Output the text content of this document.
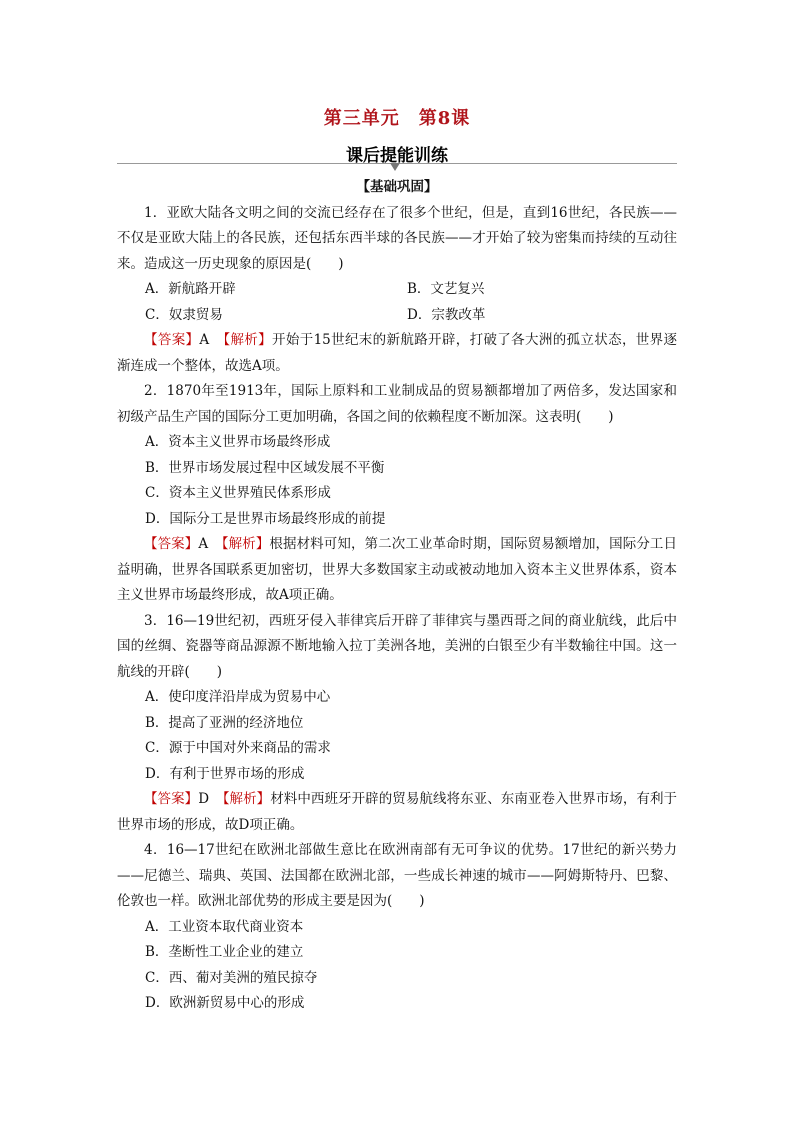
第三单元　第8课
课后提能训练
【基础巩固】

1．亚欧大陆各文明之间的交流已经存在了很多个世纪，但是，直到16世纪，各民族——不仅是亚欧大陆上的各民族，还包括东西半球的各民族——才开始了较为密集而持续的互动往来。造成这一历史现象的原因是(　　)

A．新航路开辟	B．文艺复兴
C．奴隶贸易	D．宗教改革

【答案】A　【解析】开始于15世纪末的新航路开辟，打破了各大洲的孤立状态，世界逐渐连成一个整体，故选A项。

2．1870年至1913年，国际上原料和工业制成品的贸易额都增加了两倍多，发达国家和初级产品生产国的国际分工更加明确，各国之间的依赖程度不断加深。这表明(　　)

A．资本主义世界市场最终形成

B．世界市场发展过程中区域发展不平衡

C．资本主义世界殖民体系形成

D．国际分工是世界市场最终形成的前提

【答案】A　【解析】根据材料可知，第二次工业革命时期，国际贸易额增加，国际分工日益明确，世界各国联系更加密切，世界大多数国家主动或被动地加入资本主义世界体系，资本主义世界市场最终形成，故A项正确。

3．16—19世纪初，西班牙侵入菲律宾后开辟了菲律宾与墨西哥之间的商业航线，此后中国的丝绸、瓷器等商品源源不断地输入拉丁美洲各地，美洲的白银至少有半数输往中国。这一航线的开辟(　　)

A．使印度洋沿岸成为贸易中心

B．提高了亚洲的经济地位

C．源于中国对外来商品的需求

D．有利于世界市场的形成

【答案】D　【解析】材料中西班牙开辟的贸易航线将东亚、东南亚卷入世界市场，有利于世界市场的形成，故D项正确。

4．16—17世纪在欧洲北部做生意比在欧洲南部有无可争议的优势。17世纪的新兴势力——尼德兰、瑞典、英国、法国都在欧洲北部，一些成长神速的城市——阿姆斯特丹、巴黎、伦敦也一样。欧洲北部优势的形成主要是因为(　　)

A．工业资本取代商业资本

B．垄断性工业企业的建立

C．西、葡对美洲的殖民掠夺

D．欧洲新贸易中心的形成
